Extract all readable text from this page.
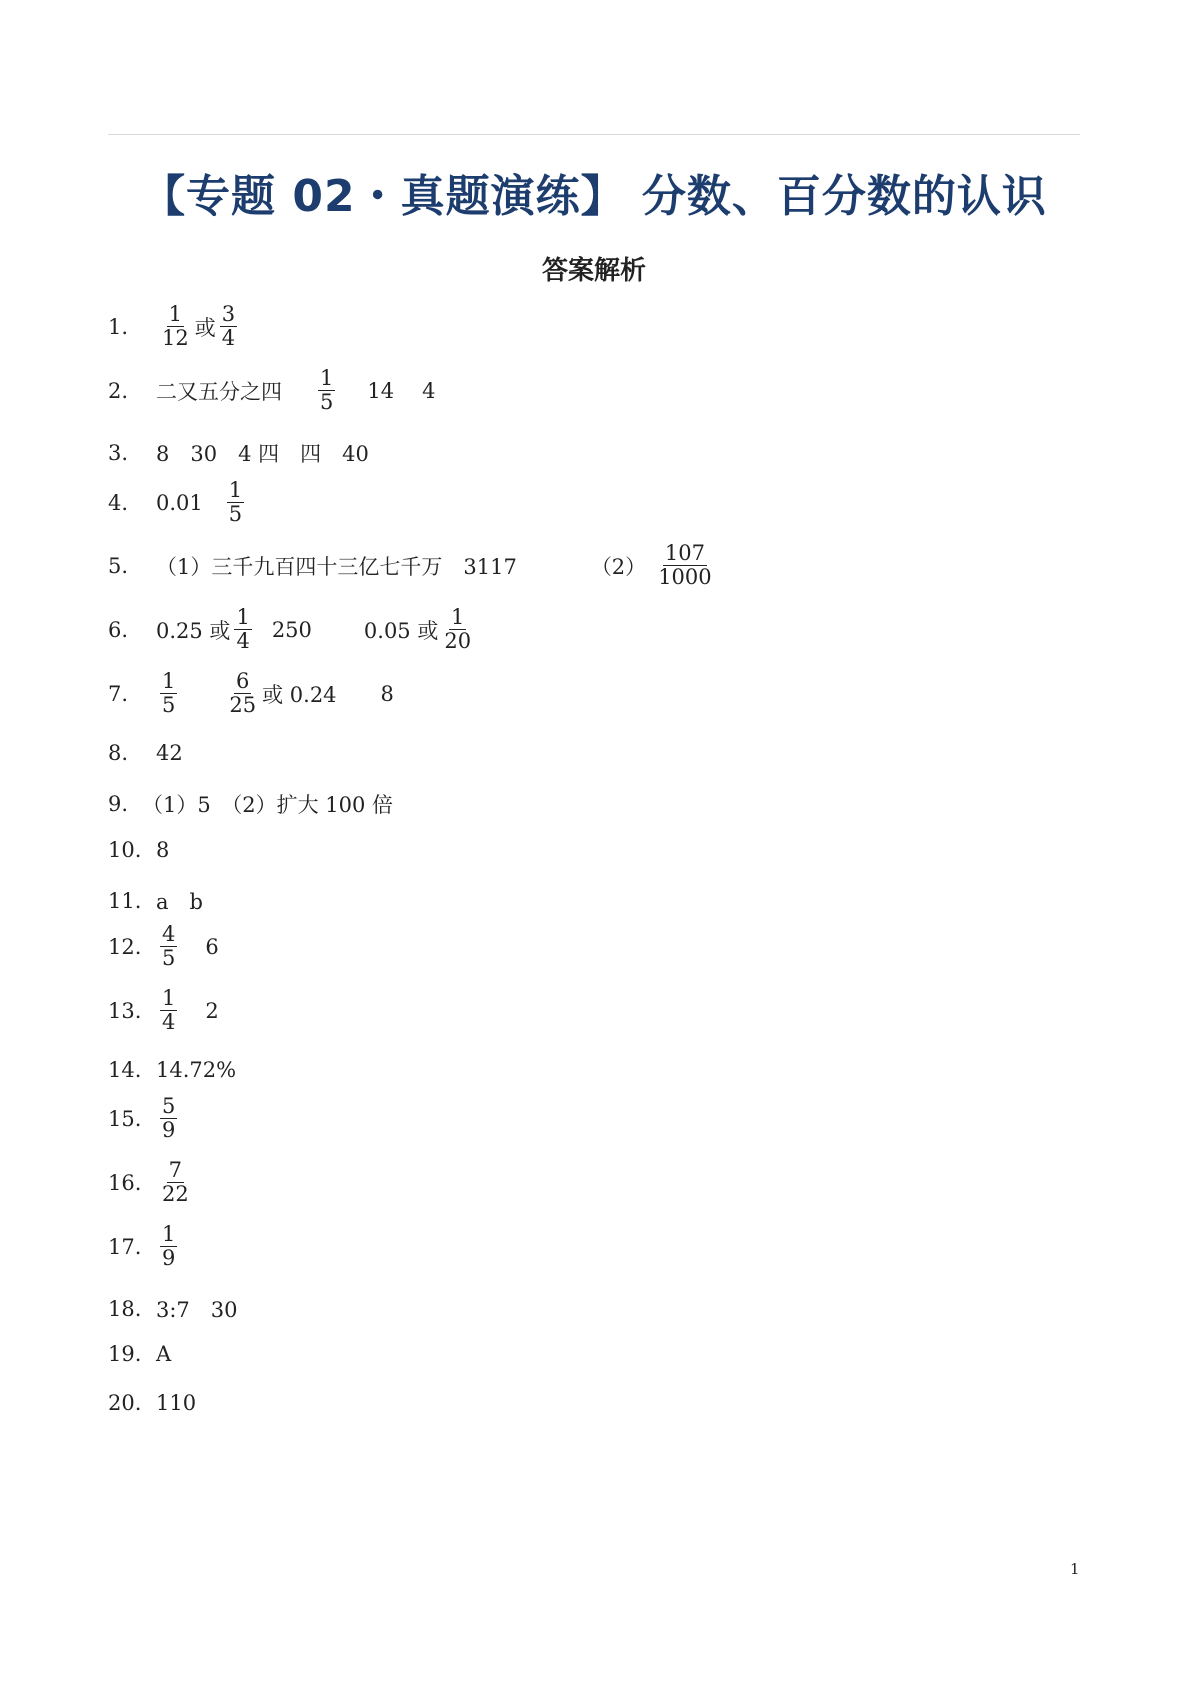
【专题 02・真题演练】 分数、百分数的认识
答案解析
1.	$\frac{1}{12}$ 或 $\frac{3}{4}$
2.	二又五分之四 $\frac{1}{5} 14$ 4
3.	8　30　4 四　四　40
4.	$0.01 \frac{1}{5}$
5.	（1）三千九百四十三亿七千万　3117	$(2) \frac{107}{1000}$
6.	0.25 或 $\frac{1}{4} 250$ 0.05 或 $\frac{1}{20}$
7.	$\frac{1}{5} \frac{6}{25}$ 或 0.24 8
8.	42
9. （1）5　（2）扩大 100 倍
10. 8
11. a　b
12. $\frac{4}{5} 6$
13. $\frac{1}{4} 2$
14. 14.72%
15. $\frac{5}{9}$
16. $\frac{7}{22}$
17. $\frac{1}{9}$
18. 3:7　30
19. A
20. 110
1
